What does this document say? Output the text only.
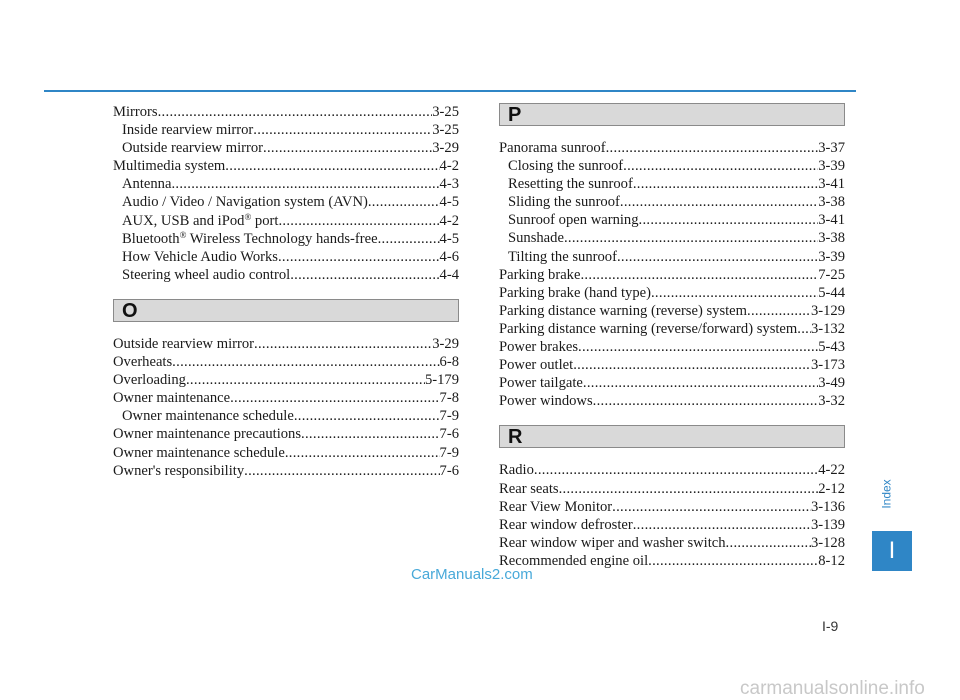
Mirrors .....	3-25
Inside rearview mirror .....	3-25
Outside rearview mirror .....	3-29
Multimedia system .....	4-2
Antenna .....	4-3
Audio / Video / Navigation system (AVN) .....	4-5
AUX, USB and iPod® port .....	4-2
Bluetooth® Wireless Technology hands-free .....	4-5
How Vehicle Audio Works .....	4-6
Steering wheel audio control .....	4-4
O
Outside rearview mirror .....	3-29
Overheats .....	6-8
Overloading .....	5-179
Owner maintenance .....	7-8
Owner maintenance schedule .....	7-9
Owner maintenance precautions .....	7-6
Owner maintenance schedule .....	7-9
Owner's responsibility .....	7-6
P
Panorama sunroof .....	3-37
Closing the sunroof .....	3-39
Resetting the sunroof .....	3-41
Sliding the sunroof .....	3-38
Sunroof open warning .....	3-41
Sunshade .....	3-38
Tilting the sunroof .....	3-39
Parking brake .....	7-25
Parking brake (hand type) .....	5-44
Parking distance warning (reverse) system .....	3-129
Parking distance warning (reverse/forward) system ..... 3-132
Power brakes .....	5-43
Power outlet .....	3-173
Power tailgate .....	3-49
Power windows .....	3-32
R
Radio .....	4-22
Rear seats .....	2-12
Rear View Monitor .....	3-136
Rear window defroster .....	3-139
Rear window wiper and washer switch .....	3-128
Recommended engine oil .....	8-12
Index
I
I-9
CarManuals2.com
carmanualsonline.info
